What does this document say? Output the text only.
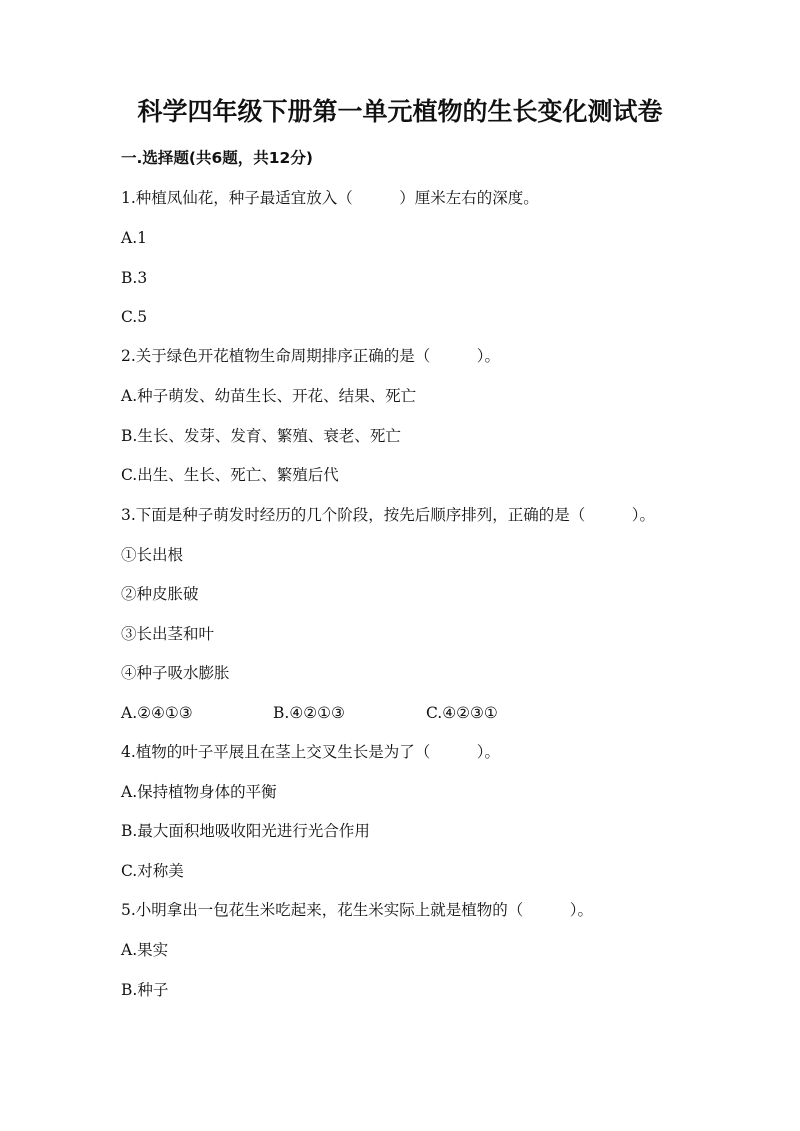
科学四年级下册第一单元植物的生长变化测试卷
一.选择题(共6题，共12分)
1.种植凤仙花，种子最适宜放入（　　　）厘米左右的深度。
A.1
B.3
C.5
2.关于绿色开花植物生命周期排序正确的是（　　　）。
A.种子萌发、幼苗生长、开花、结果、死亡
B.生长、发芽、发育、繁殖、衰老、死亡
C.出生、生长、死亡、繁殖后代
3.下面是种子萌发时经历的几个阶段，按先后顺序排列，正确的是（　　　）。
①长出根
②种皮胀破
③长出茎和叶
④种子吸水膨胀
A.②④①③	B.④②①③	C.④②③①
4.植物的叶子平展且在茎上交叉生长是为了（　　　）。
A.保持植物身体的平衡
B.最大面积地吸收阳光进行光合作用
C.对称美
5.小明拿出一包花生米吃起来，花生米实际上就是植物的（　　　）。
A.果实
B.种子
